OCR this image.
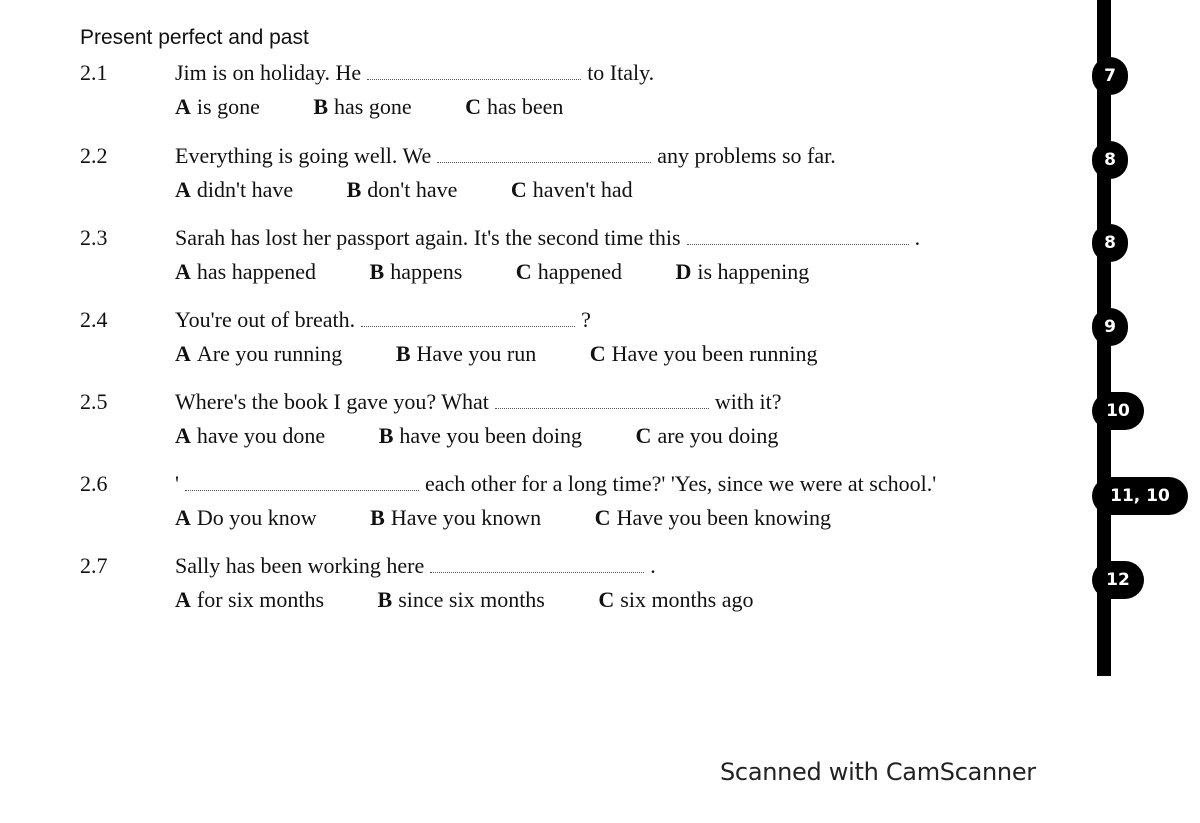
Present perfect and past
2.1	Jim is on holiday. He	to Italy.
A is gone B has gone C has been
2.2	Everything is going well. We	any problems so far.
A didn't have B don't have C haven't had
2.3	Sarah has lost her passport again. It's the second time this	.
A has happened B happens C happened D is happening
2.4	You're out of breath.	?
A Are you running B Have you run C Have you been running
2.5	Where's the book I gave you? What	with it?
A have you done B have you been doing C are you doing
2.6	'	each other for a long time?' 'Yes, since we were at school.'
A Do you know B Have you known C Have you been knowing
2.7	Sally has been working here	.
A for six months B since six months C six months ago
7
8
8
9
10
11, 10
12
Scanned with CamScanner
